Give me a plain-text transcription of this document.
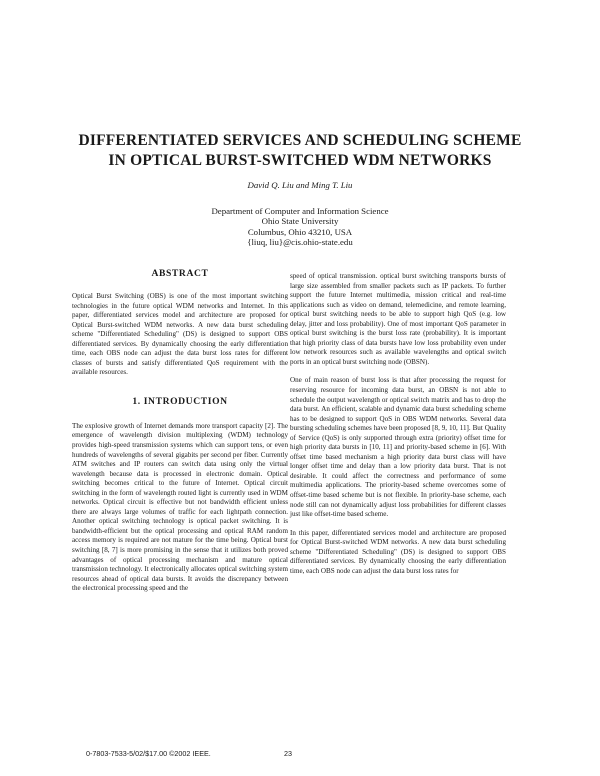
DIFFERENTIATED SERVICES AND SCHEDULING SCHEME
IN OPTICAL BURST-SWITCHED WDM NETWORKS
David Q. Liu and Ming T. Liu
Department of Computer and Information Science
Ohio State University
Columbus, Ohio 43210, USA
{liuq, liu}@cis.ohio-state.edu
ABSTRACT

Optical Burst Switching (OBS) is one of the most important switching technologies in the future optical WDM networks and Internet. In this paper, differentiated services model and architecture are proposed for Optical Burst-switched WDM networks. A new data burst scheduling scheme "Differentiated Scheduling" (DS) is designed to support OBS differentiated services. By dynamically choosing the early differentiation time, each OBS node can adjust the data burst loss rates for different classes of bursts and satisfy differentiated QoS requirement with the available resources.

1. INTRODUCTION

The explosive growth of Internet demands more transport capacity [2]. The emergence of wavelength division multiplexing (WDM) technology provides high-speed transmission systems which can support tens, or even hundreds of wavelengths of several gigabits per second per fiber. Currently ATM switches and IP routers can switch data using only the virtual wavelength because data is processed in electronic domain. Optical switching becomes critical to the future of Internet. Optical circuit switching in the form of wavelength routed light is currently used in WDM networks. Optical circuit is effective but not bandwidth efficient unless there are always large volumes of traffic for each lightpath connection. Another optical switching technology is optical packet switching. It is bandwidth-efficient but the optical processing and optical RAM random access memory is required are not mature for the time being. Optical burst switching [8, 7] is more promising in the sense that it utilizes both proved advantages of optical processing mechanism and mature optical transmission technology. It electronically allocates optical switching system resources ahead of optical data bursts. It avoids the discrepancy between the electronical processing speed and the

speed of optical transmission. optical burst switching transports bursts of large size assembled from smaller packets such as IP packets. To further support the future Internet multimedia, mission critical and real-time applications such as video on demand, telemedicine, and remote learning, optical burst switching needs to be able to support high QoS (e.g. low delay, jitter and loss probability). One of most important QoS parameter in optical burst switching is the burst loss rate (probability). It is important that high priority class of data bursts have low loss probability even under low network resources such as available wavelengths and optical switch ports in an optical burst switching node (OBSN).

One of main reason of burst loss is that after processing the request for reserving resource for incoming data burst, an OBSN is not able to schedule the output wavelength or optical switch matrix and has to drop the data burst. An efficient, scalable and dynamic data burst scheduling scheme has to be designed to support QoS in OBS WDM networks. Several data bursting scheduling schemes have been proposed [8, 9, 10, 11]. But Quality of Service (QoS) is only supported through extra (priority) offset time for high priority data bursts in [10, 11] and priority-based scheme in [6]. With offset time based mechanism a high priority data burst class will have longer offset time and delay than a low priority data burst. That is not desirable. It could affect the correctness and performance of some multimedia applications. The priority-based scheme overcomes some of offset-time based scheme but is not flexible. In priority-base scheme, each node still can not dynamically adjust loss probabilities for different classes just like offset-time based scheme.

In this paper, differentiated services model and architecture are proposed for Optical Burst-switched WDM networks. A new data burst scheduling scheme "Differentiated Scheduling" (DS) is designed to support OBS differentiated services. By dynamically choosing the early differentiation time, each OBS node can adjust the data burst loss rates for

0-7803-7533-5/02/$17.00 ©2002 IEEE.	23
